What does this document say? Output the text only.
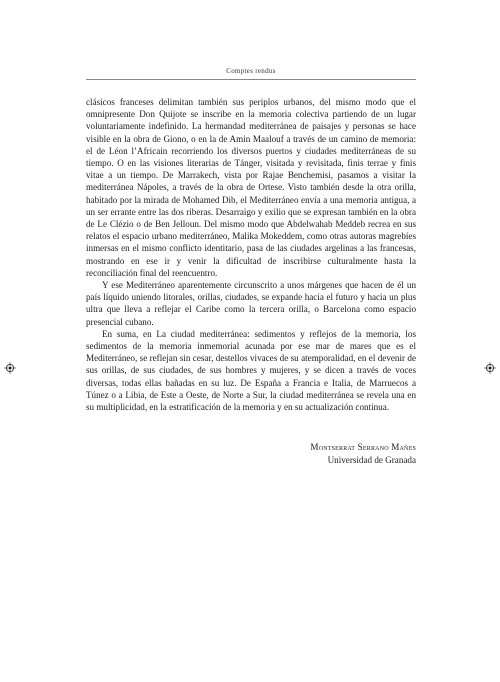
Comptes rendus

clásicos franceses delimitan también sus periplos urbanos, del mismo modo que el omnipresente Don Quijote se inscribe en la memoria colectiva partiendo de un lugar voluntariamente indefinido. La hermandad mediterránea de paisajes y personas se hace visible en la obra de Giono, o en la de Amin Maalouf a través de un camino de memoria: el de Léon l’Africain recorriendo los diversos puertos y ciudades mediterráneas de su tiempo. O en las visiones literarias de Tánger, visitada y revisitada, finis terrae y finis vitae a un tiempo. De Marrakech, vista por Rajae Benchemisi, pasamos a visitar la mediterránea Nápoles, a través de la obra de Ortese. Visto también desde la otra orilla, habitado por la mirada de Mohamed Dib, el Mediterráneo envía a una memoria antigua, a un ser errante entre las dos riberas. Desarraigo y exilio que se expresan también en la obra de Le Clézio o de Ben Jelloun. Del mismo modo que Abdelwahab Meddeb recrea en sus relatos el espacio urbano mediterráneo, Malika Mokeddem, como otras autoras magrebíes inmersas en el mismo conflicto identitario, pasa de las ciudades argelinas a las francesas, mostrando en ese ir y venir la dificultad de inscribirse culturalmente hasta la reconciliación final del reencuentro.

Y ese Mediterráneo aparentemente circunscrito a unos márgenes que hacen de él un país líquido uniendo litorales, orillas, ciudades, se expande hacia el futuro y hacia un plus ultra que lleva a reflejar el Caribe como la tercera orilla, o Barcelona como espacio presencial cubano.

En suma, en La ciudad mediterránea: sedimentos y reflejos de la memoria, los sedimentos de la memoria inmemorial acunada por ese mar de mares que es el Mediterráneo, se reflejan sin cesar, destellos vivaces de su atemporalidad, en el devenir de sus orillas, de sus ciudades, de sus hombres y mujeres, y se dicen a través de voces diversas, todas ellas bañadas en su luz. De España a Francia e Italia, de Marruecos a Túnez o a Libia, de Este a Oeste, de Norte a Sur, la ciudad mediterránea se revela una en su multiplicidad, en la estratificación de la memoria y en su actualización continua.

Montserrat Serrano Mañes
Universidad de Granada
